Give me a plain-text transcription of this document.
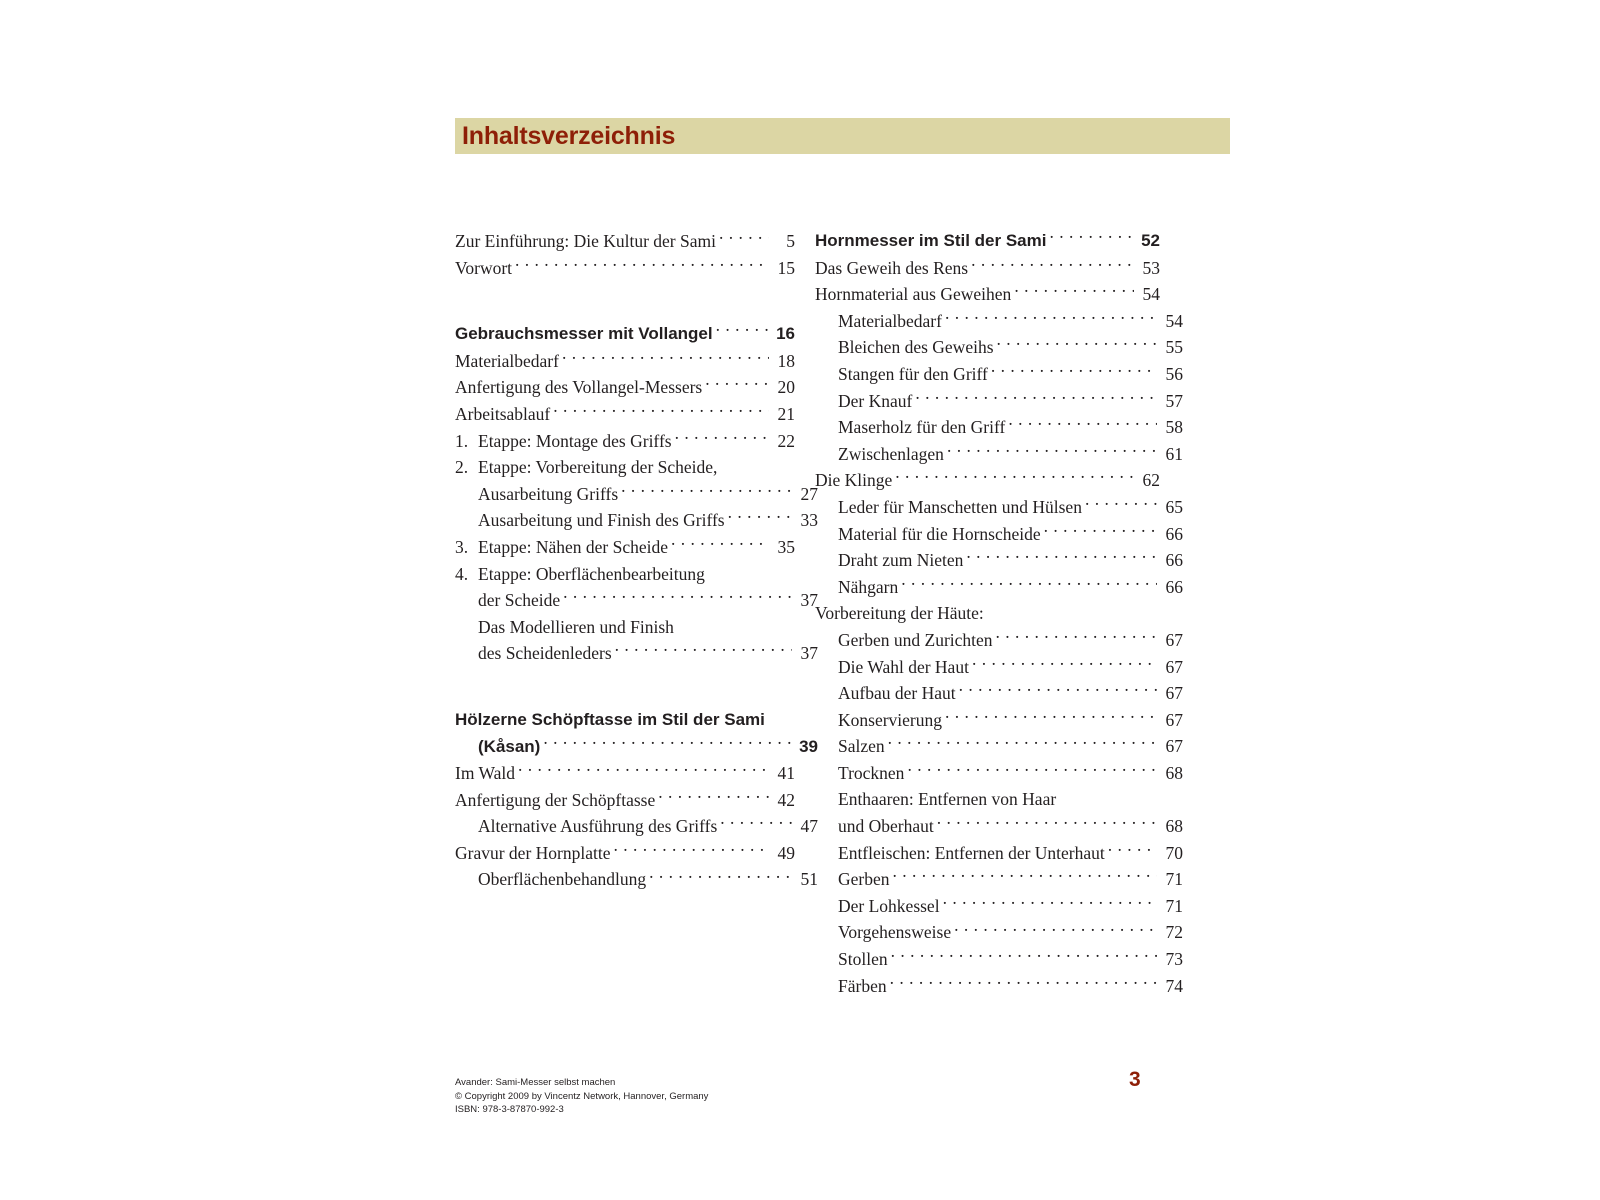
Inhaltsverzeichnis
Zur Einführung: Die Kultur der Sami . . .	5
Vorwort . . .	15
Gebrauchsmesser mit Vollangel . . .	16
Materialbedarf . . .	18
Anfertigung des Vollangel-Messers . . .	20
Arbeitsablauf . . .	21
1. Etappe: Montage des Griffs . . .	22
2. Etappe: Vorbereitung der Scheide,
Ausarbeitung Griffs . . .	27
Ausarbeitung und Finish des Griffs . . .	33
3. Etappe: Nähen der Scheide . . .	35
4. Etappe: Oberflächenbearbeitung
der Scheide . . .	37
Das Modellieren und Finish
des Scheidenleders . . .	37
Hölzerne Schöpftasse im Stil der Sami
(Kåsan) . . .	39
Im Wald . . .	41
Anfertigung der Schöpftasse . . .	42
Alternative Ausführung des Griffs . . .	47
Gravur der Hornplatte . . .	49
Oberflächenbehandlung . . .	51
Hornmesser im Stil der Sami . . .	52
Das Geweih des Rens . . .	53
Hornmaterial aus Geweihen . . .	54
Materialbedarf . . .	54
Bleichen des Geweihs . . .	55
Stangen für den Griff . . .	56
Der Knauf . . .	57
Maserholz für den Griff . . .	58
Zwischenlagen . . .	61
Die Klinge . . .	62
Leder für Manschetten und Hülsen . . .	65
Material für die Hornscheide . . .	66
Draht zum Nieten . . .	66
Nähgarn . . .	66
Vorbereitung der Häute:
Gerben und Zurichten . . .	67
Die Wahl der Haut . . .	67
Aufbau der Haut . . .	67
Konservierung . . .	67
Salzen . . .	67
Trocknen . . .	68
Enthaaren: Entfernen von Haar
und Oberhaut . . .	68
Entfleischen: Entfernen der Unterhaut . . .	70
Gerben . . .	71
Der Lohkessel . . .	71
Vorgehensweise . . .	72
Stollen . . .	73
Färben . . .	74
Avander: Sami-Messer selbst machen
© Copyright 2009 by Vincentz Network, Hannover, Germany
ISBN: 978-3-87870-992-3
3
